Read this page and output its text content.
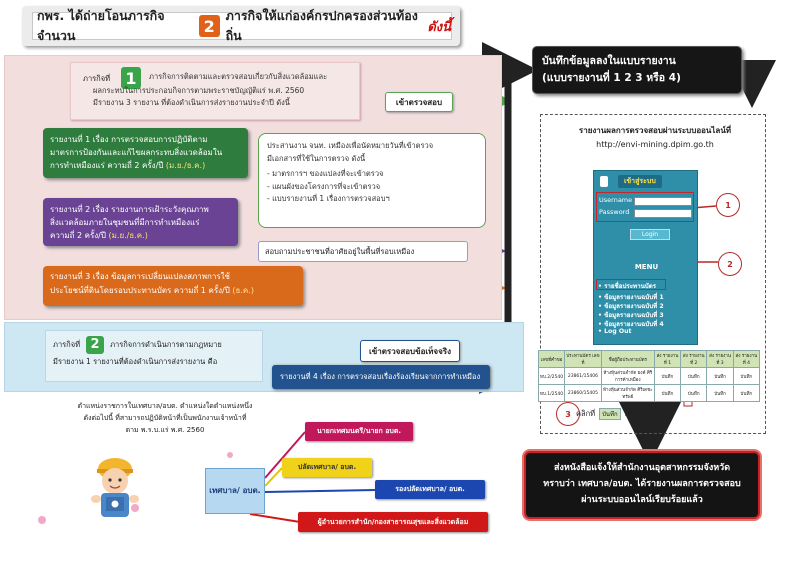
กพร. ได้ถ่ายโอนภารกิจจำนวน	2
ภารกิจให้แก่องค์กรปกครองส่วนท้องถิ่น
ดังนี้
ภารกิจที่ 1	ภารกิจการติดตามและตรวจสอบเกี่ยวกับสิ่งแวดล้อมและ
ผลกระทบในการประกอบกิจการตามพระราชบัญญัติแร่ พ.ศ. 2560
มีรายงาน 3 รายงาน ที่ต้องดำเนินการส่งรายงานประจำปี ดังนี้
รายงานที่ 1 เรื่อง การตรวจสอบการปฏิบัติตาม
มาตรการป้องกันและแก้ไขผลกระทบสิ่งแวดล้อมใน
การทำเหมืองแร่ ความถี่ 2 ครั้ง/ปี (ม.ย./ธ.ค.)
รายงานที่ 2 เรื่อง รายงานการเฝ้าระวังคุณภาพ
สิ่งแวดล้อมภายในชุมชนที่มีการทำเหมืองแร่
ความถี่ 2 ครั้ง/ปี (ม.ย./ธ.ค.)
รายงานที่ 3 เรื่อง ข้อมูลการเปลี่ยนแปลงสภาพการใช้
ประโยชน์ที่ดินโดยรอบประทานบัตร ความถี่ 1 ครั้ง/ปี (ธ.ค.)
เข้าตรวจสอบ
ประสานงาน จนท. เหมืองเพื่อนัดหมายวันที่เข้าตรวจ
มีเอกสารที่ใช้ในการตรวจ ดังนี้
- มาตรการฯ ของแปลงที่จะเข้าตรวจ
- แผนผังของโครงการที่จะเข้าตรวจ
- แบบรายงานที่ 1 เรื่องการตรวจสอบฯ
สอบถามประชาชนที่อาศัยอยู่ในพื้นที่รอบเหมือง
ภารกิจที่ 2	ภารกิจการดำเนินการตามกฎหมาย
มีรายงาน 1 รายงานที่ต้องดำเนินการส่งรายงาน คือ
เข้าตรวจสอบข้อเท็จจริง
รายงานที่ 4 เรื่อง การตรวจสอบเรื่องร้องเรียนจากการทำเหมือง
ตำแหน่งราชการในเทศบาล/อบต. ตำแหน่งใดตำแหน่งหนึ่ง
ดังต่อไปนี้ ที่สามารถปฏิบัติหน้าที่เป็นพนักงานเจ้าหน้าที่
ตาม พ.ร.บ.แร่ พ.ศ. 2560
เทศบาล/ อบต.
นายกเทศมนตรี/นายก อบต.
ปลัดเทศบาล/ อบต.
รองปลัดเทศบาล/ อบต.
ผู้อำนวยการสำนัก/กองสาธารณสุขและสิ่งแวดล้อม
บันทึกข้อมูลลงในแบบรายงาน
(แบบรายงานที่ 1 2 3 หรือ 4)
รายงานผลการตรวจสอบผ่านระบบออนไลน์ที่
http://envi-mining.dpim.go.th
เข้าสู่ระบบ
Username
Password
Login
MENU
• รายชื่อประทานบัตร
• ข้อมูลรายงานฉบับที่ 1
• ข้อมูลรายงานฉบับที่ 2
• ข้อมูลรายงานฉบับที่ 3
• ข้อมูลรายงานฉบับที่ 4
• Log Out
1
2
3
เลขที่คำขอ	ประทานบัตร เลขที่	ชื่อผู้ถือประทานบัตร	ส่ง รายงานที่ 1	ส่ง รายงานที่ 2	ส่ง รายงานที่ 3	ส่ง รายงานที่ 4
ทบ.2/2540	23861/15406	ห้างหุ้นส่วนจำกัด ยงค์ ศิริการค้าเหมือง	บันทึก	บันทึก	บันทึก	บันทึก
ทบ.1/2540	23860/15405	ห้างหุ้นส่วนจำกัด ศิริเดชะ ทรัพย์	บันทึก	บันทึก	บันทึก	บันทึก
คลิกที่	บันทึก เพื่อส่งรายงาน
ส่งหนังสือแจ้งให้สำนักงานอุตสาหกรรมจังหวัด
ทราบว่า เทศบาล/อบต. ได้รายงานผลการตรวจสอบ
ผ่านระบบออนไลน์เรียบร้อยแล้ว
